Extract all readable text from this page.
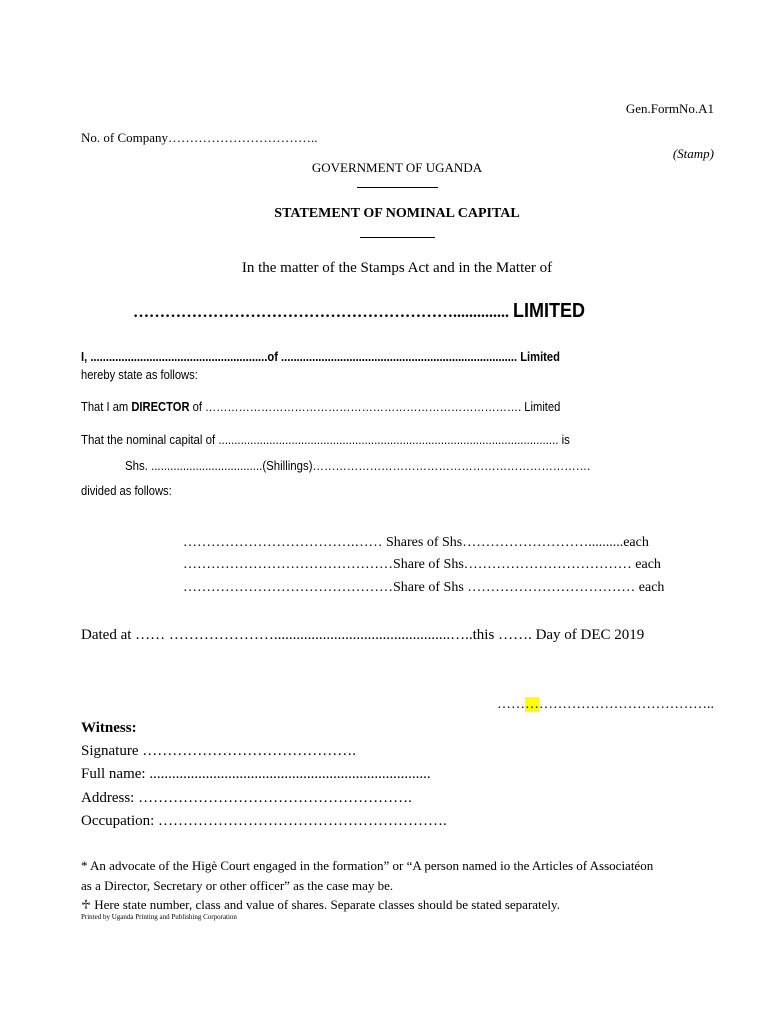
Gen.FormNo.A1
No. of Company……………………………..
(Stamp)
GOVERNMENT OF UGANDA
STATEMENT OF NOMINAL CAPITAL
In the matter of the Stamps Act and in the Matter of
…………………………………………………….............. LIMITED
I, .........................................................of ............................................................................ Limited
hereby state as follows:
That I am DIRECTOR of …………………………………………………………………………. Limited
That the nominal capital of ........................................................................................................... is
Shs. ...................................(Shillings)……………………………………………………………….
divided as follows:
……………………………….…… Shares of Shs………………………..........each
………………………………………Share of Shs……………………………… each
………………………………………Share of Shs ……………………………… each
Dated at …… …………………...............................................…..this ……. Day of DEC 2019
………………………………………..
Witness:
Signature …………………………………….
Full name: ...........................................................................
Address: ……………………………………………….
Occupation: ………………………………………………….
* An advocate of the Higè Court engaged in the formation” or “A person named io the Articles of Associatéon
as a Director, Secretary or other officer” as the case may be.
♱ Here state number, class and value of shares. Separate classes should be stated separately.
Printed by Uganda Printing and Publishing Corporation
